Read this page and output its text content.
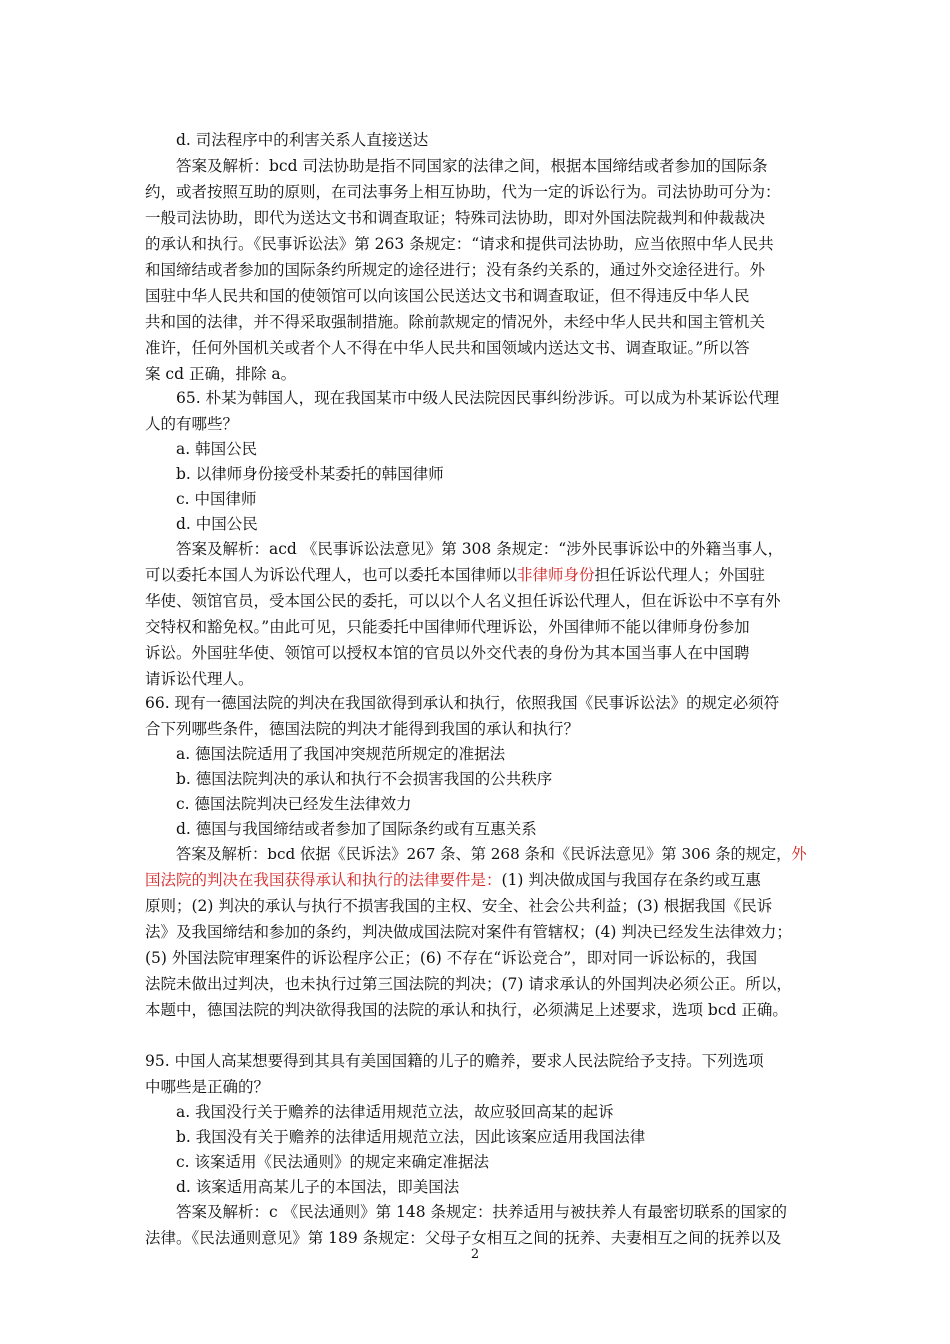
d. 司法程序中的利害关系人直接送达

答案及解析：bcd 司法协助是指不同国家的法律之间，根据本国缔结或者参加的国际条

约，或者按照互助的原则，在司法事务上相互协助，代为一定的诉讼行为。司法协助可分为：

一般司法协助，即代为送达文书和调查取证；特殊司法协助，即对外国法院裁判和仲裁裁决

的承认和执行。《民事诉讼法》第 263 条规定：“请求和提供司法协助，应当依照中华人民共

和国缔结或者参加的国际条约所规定的途径进行；没有条约关系的，通过外交途径进行。外

国驻中华人民共和国的使领馆可以向该国公民送达文书和调查取证，但不得违反中华人民

共和国的法律，并不得采取强制措施。除前款规定的情况外，未经中华人民共和国主管机关

准许，任何外国机关或者个人不得在中华人民共和国领域内送达文书、调查取证。”所以答

案 cd 正确，排除 a。

65. 朴某为韩国人，现在我国某市中级人民法院因民事纠纷涉诉。可以成为朴某诉讼代理

人的有哪些？

a. 韩国公民

b. 以律师身份接受朴某委托的韩国律师

c. 中国律师

d. 中国公民

答案及解析：acd 《民事诉讼法意见》第 308 条规定：“涉外民事诉讼中的外籍当事人，

可以委托本国人为诉讼代理人，也可以委托本国律师以非律师身份担任诉讼代理人；外国驻

华使、领馆官员，受本国公民的委托，可以以个人名义担任诉讼代理人，但在诉讼中不享有外

交特权和豁免权。”由此可见，只能委托中国律师代理诉讼，外国律师不能以律师身份参加

诉讼。外国驻华使、领馆可以授权本馆的官员以外交代表的身份为其本国当事人在中国聘

请诉讼代理人。

66. 现有一德国法院的判决在我国欲得到承认和执行，依照我国《民事诉讼法》的规定必须符

合下列哪些条件，德国法院的判决才能得到我国的承认和执行？

a. 德国法院适用了我国冲突规范所规定的准据法

b. 德国法院判决的承认和执行不会损害我国的公共秩序

c. 德国法院判决已经发生法律效力

d. 德国与我国缔结或者参加了国际条约或有互惠关系

答案及解析：bcd 依据《民诉法》267 条、第 268 条和《民诉法意见》第 306 条的规定，外

国法院的判决在我国获得承认和执行的法律要件是：(1) 判决做成国与我国存在条约或互惠

原则；(2) 判决的承认与执行不损害我国的主权、安全、社会公共利益；(3) 根据我国《民诉

法》及我国缔结和参加的条约，判决做成国法院对案件有管辖权；(4) 判决已经发生法律效力；

(5) 外国法院审理案件的诉讼程序公正；(6) 不存在“诉讼竞合”，即对同一诉讼标的，我国

法院未做出过判决，也未执行过第三国法院的判决；(7) 请求承认的外国判决必须公正。所以，

本题中，德国法院的判决欲得我国的法院的承认和执行，必须满足上述要求，选项 bcd 正确。

95. 中国人高某想要得到其具有美国国籍的儿子的赡养，要求人民法院给予支持。下列选项

中哪些是正确的？

a. 我国没行关于赡养的法律适用规范立法，故应驳回高某的起诉

b. 我国没有关于赡养的法律适用规范立法，因此该案应适用我国法律

c. 该案适用《民法通则》的规定来确定准据法

d. 该案适用高某儿子的本国法，即美国法

答案及解析：c 《民法通则》第 148 条规定：扶养适用与被扶养人有最密切联系的国家的

法律。《民法通则意见》第 189 条规定：父母子女相互之间的抚养、夫妻相互之间的抚养以及

2
